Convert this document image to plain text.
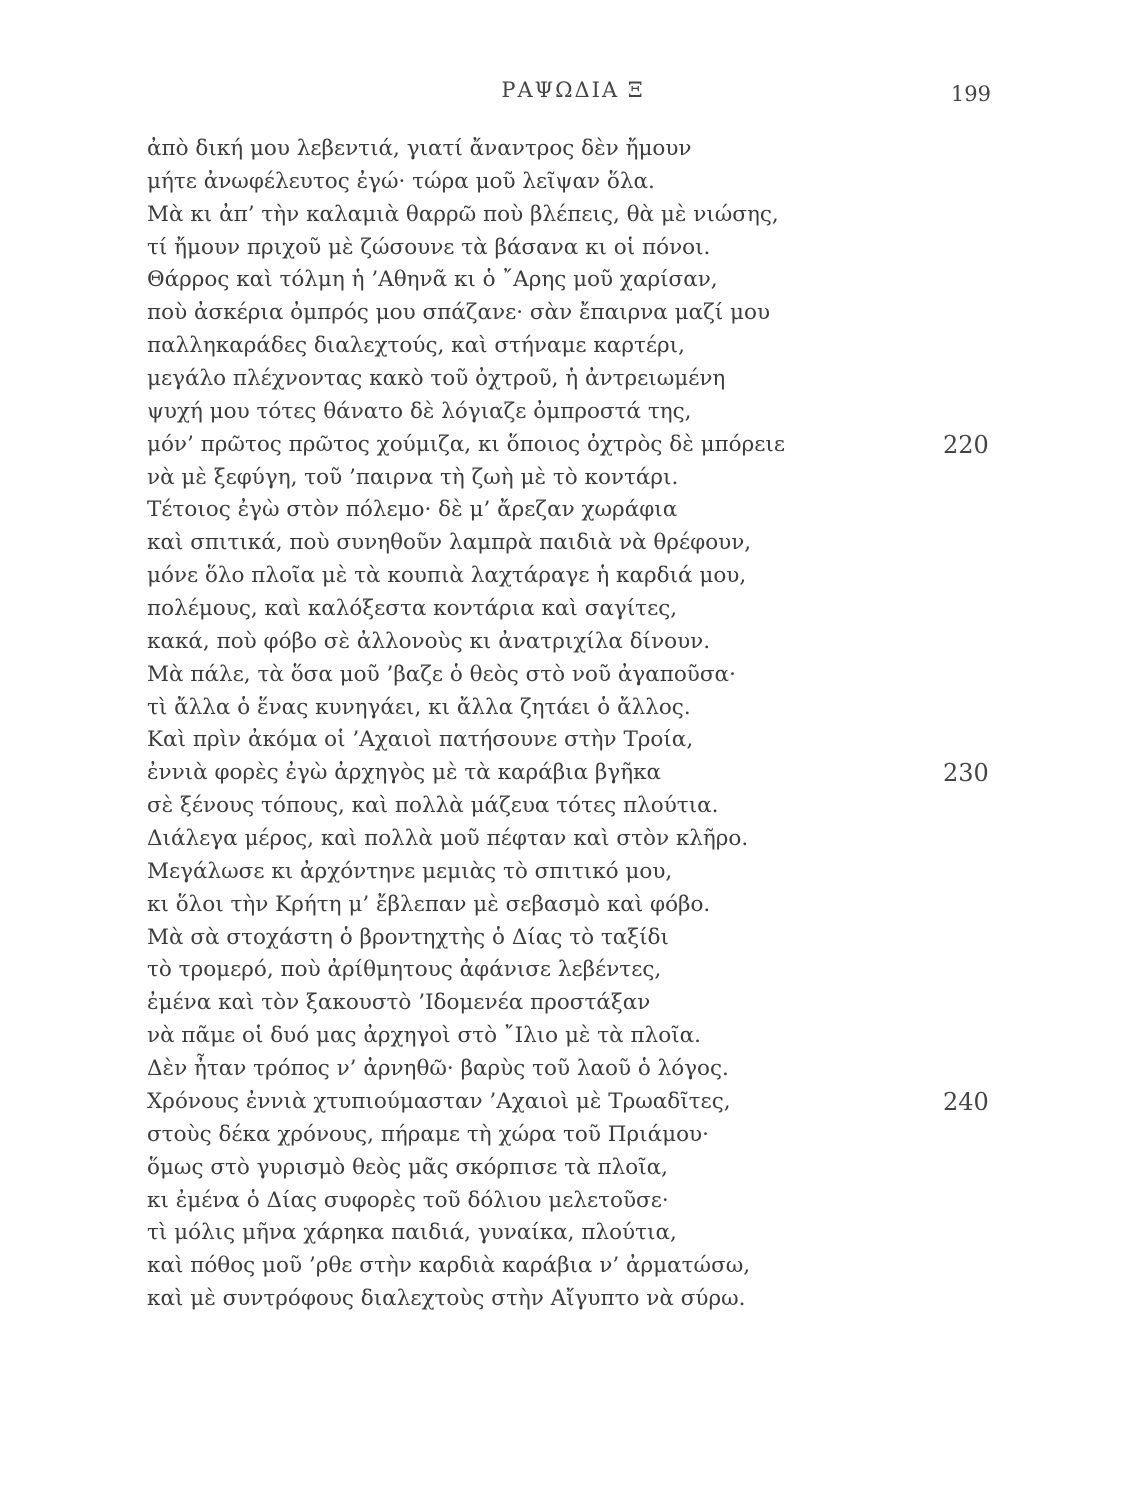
ΡΑΨΩΔΙΑ Ξ	199
ἀπὸ δική μου λεβεντιά, γιατί ἄναντρος δὲν ἤμουν
μήτε ἀνωφέλευτος ἐγώ· τώρα μοῦ λεῖψαν ὅλα.
Μὰ κι ἀπ’ τὴν καλαμιὰ θαρρῶ ποὺ βλέπεις, θὰ μὲ νιώσης,
τί ἤμουν πριχοῦ μὲ ζώσουνε τὰ βάσανα κι οἱ πόνοι.
Θάρρος καὶ τόλμη ἡ ’Αθηνᾶ κι ὁ ῎Αρης μοῦ χαρίσαν,
ποὺ ἀσκέρια ὀμπρός μου σπάζανε· σὰν ἔπαιρνα μαζί μου
παλληκαράδες διαλεχτούς, καὶ στήναμε καρτέρι,
μεγάλο πλέχνοντας κακὸ τοῦ ὀχτροῦ, ἡ ἀντρειωμένη
ψυχή μου τότες θάνατο δὲ λόγιαζε ὀμπροστά της,
μόν’ πρῶτος πρῶτος χούμιζα, κι ὅποιος ὀχτρὸς δὲ μπόρειε	220
νὰ μὲ ξεφύγη, τοῦ ’παιρνα τὴ ζωὴ μὲ τὸ κοντάρι.
Τέτοιος ἐγὼ στὸν πόλεμο· δὲ μ’ ἄρεζαν χωράφια
καὶ σπιτικά, ποὺ συνηθοῦν λαμπρὰ παιδιὰ νὰ θρέφουν,
μόνε ὅλο πλοῖα μὲ τὰ κουπιὰ λαχτάραγε ἡ καρδιά μου,
πολέμους, καὶ καλόξεστα κοντάρια καὶ σαγίτες,
κακά, ποὺ φόβο σὲ ἀλλονοὺς κι ἀνατριχίλα δίνουν.
Μὰ πάλε, τὰ ὅσα μοῦ ’βαζε ὁ θεὸς στὸ νοῦ ἀγαποῦσα·
τὶ ἄλλα ὁ ἕνας κυνηγάει, κι ἄλλα ζητάει ὁ ἄλλος.
Καὶ πρὶν ἀκόμα οἱ ’Αχαιοὶ πατήσουνε στὴν Τροία,
ἐννιὰ φορὲς ἐγὼ ἀρχηγὸς μὲ τὰ καράβια βγῆκα	230
σὲ ξένους τόπους, καὶ πολλὰ μάζευα τότες πλούτια.
Διάλεγα μέρος, καὶ πολλὰ μοῦ πέφταν καὶ στὸν κλῆρο.
Μεγάλωσε κι ἀρχόντηνε μεμιὰς τὸ σπιτικό μου,
κι ὅλοι τὴν Κρήτη μ’ ἔβλεπαν μὲ σεβασμὸ καὶ φόβο.
Μὰ σὰ στοχάστη ὁ βροντηχτὴς ὁ Δίας τὸ ταξίδι
τὸ τρομερό, ποὺ ἀρίθμητους ἀφάνισε λεβέντες,
ἐμένα καὶ τὸν ξακουστὸ ’Ιδομενέα προστάξαν
νὰ πᾶμε οἱ δυό μας ἀρχηγοὶ στὸ ῎Ιλιο μὲ τὰ πλοῖα.
Δὲν ἦταν τρόπος ν’ ἀρνηθῶ· βαρὺς τοῦ λαοῦ ὁ λόγος.
Χρόνους ἐννιὰ χτυπιούμασταν ’Αχαιοὶ μὲ Τρωαδῖτες,	240
στοὺς δέκα χρόνους, πήραμε τὴ χώρα τοῦ Πριάμου·
ὅμως στὸ γυρισμὸ θεὸς μᾶς σκόρπισε τὰ πλοῖα,
κι ἐμένα ὁ Δίας συφορὲς τοῦ δόλιου μελετοῦσε·
τὶ μόλις μῆνα χάρηκα παιδιά, γυναίκα, πλούτια,
καὶ πόθος μοῦ ’ρθε στὴν καρδιὰ καράβια ν’ ἀρματώσω,
καὶ μὲ συντρόφους διαλεχτοὺς στὴν Αἴγυπτο νὰ σύρω.
